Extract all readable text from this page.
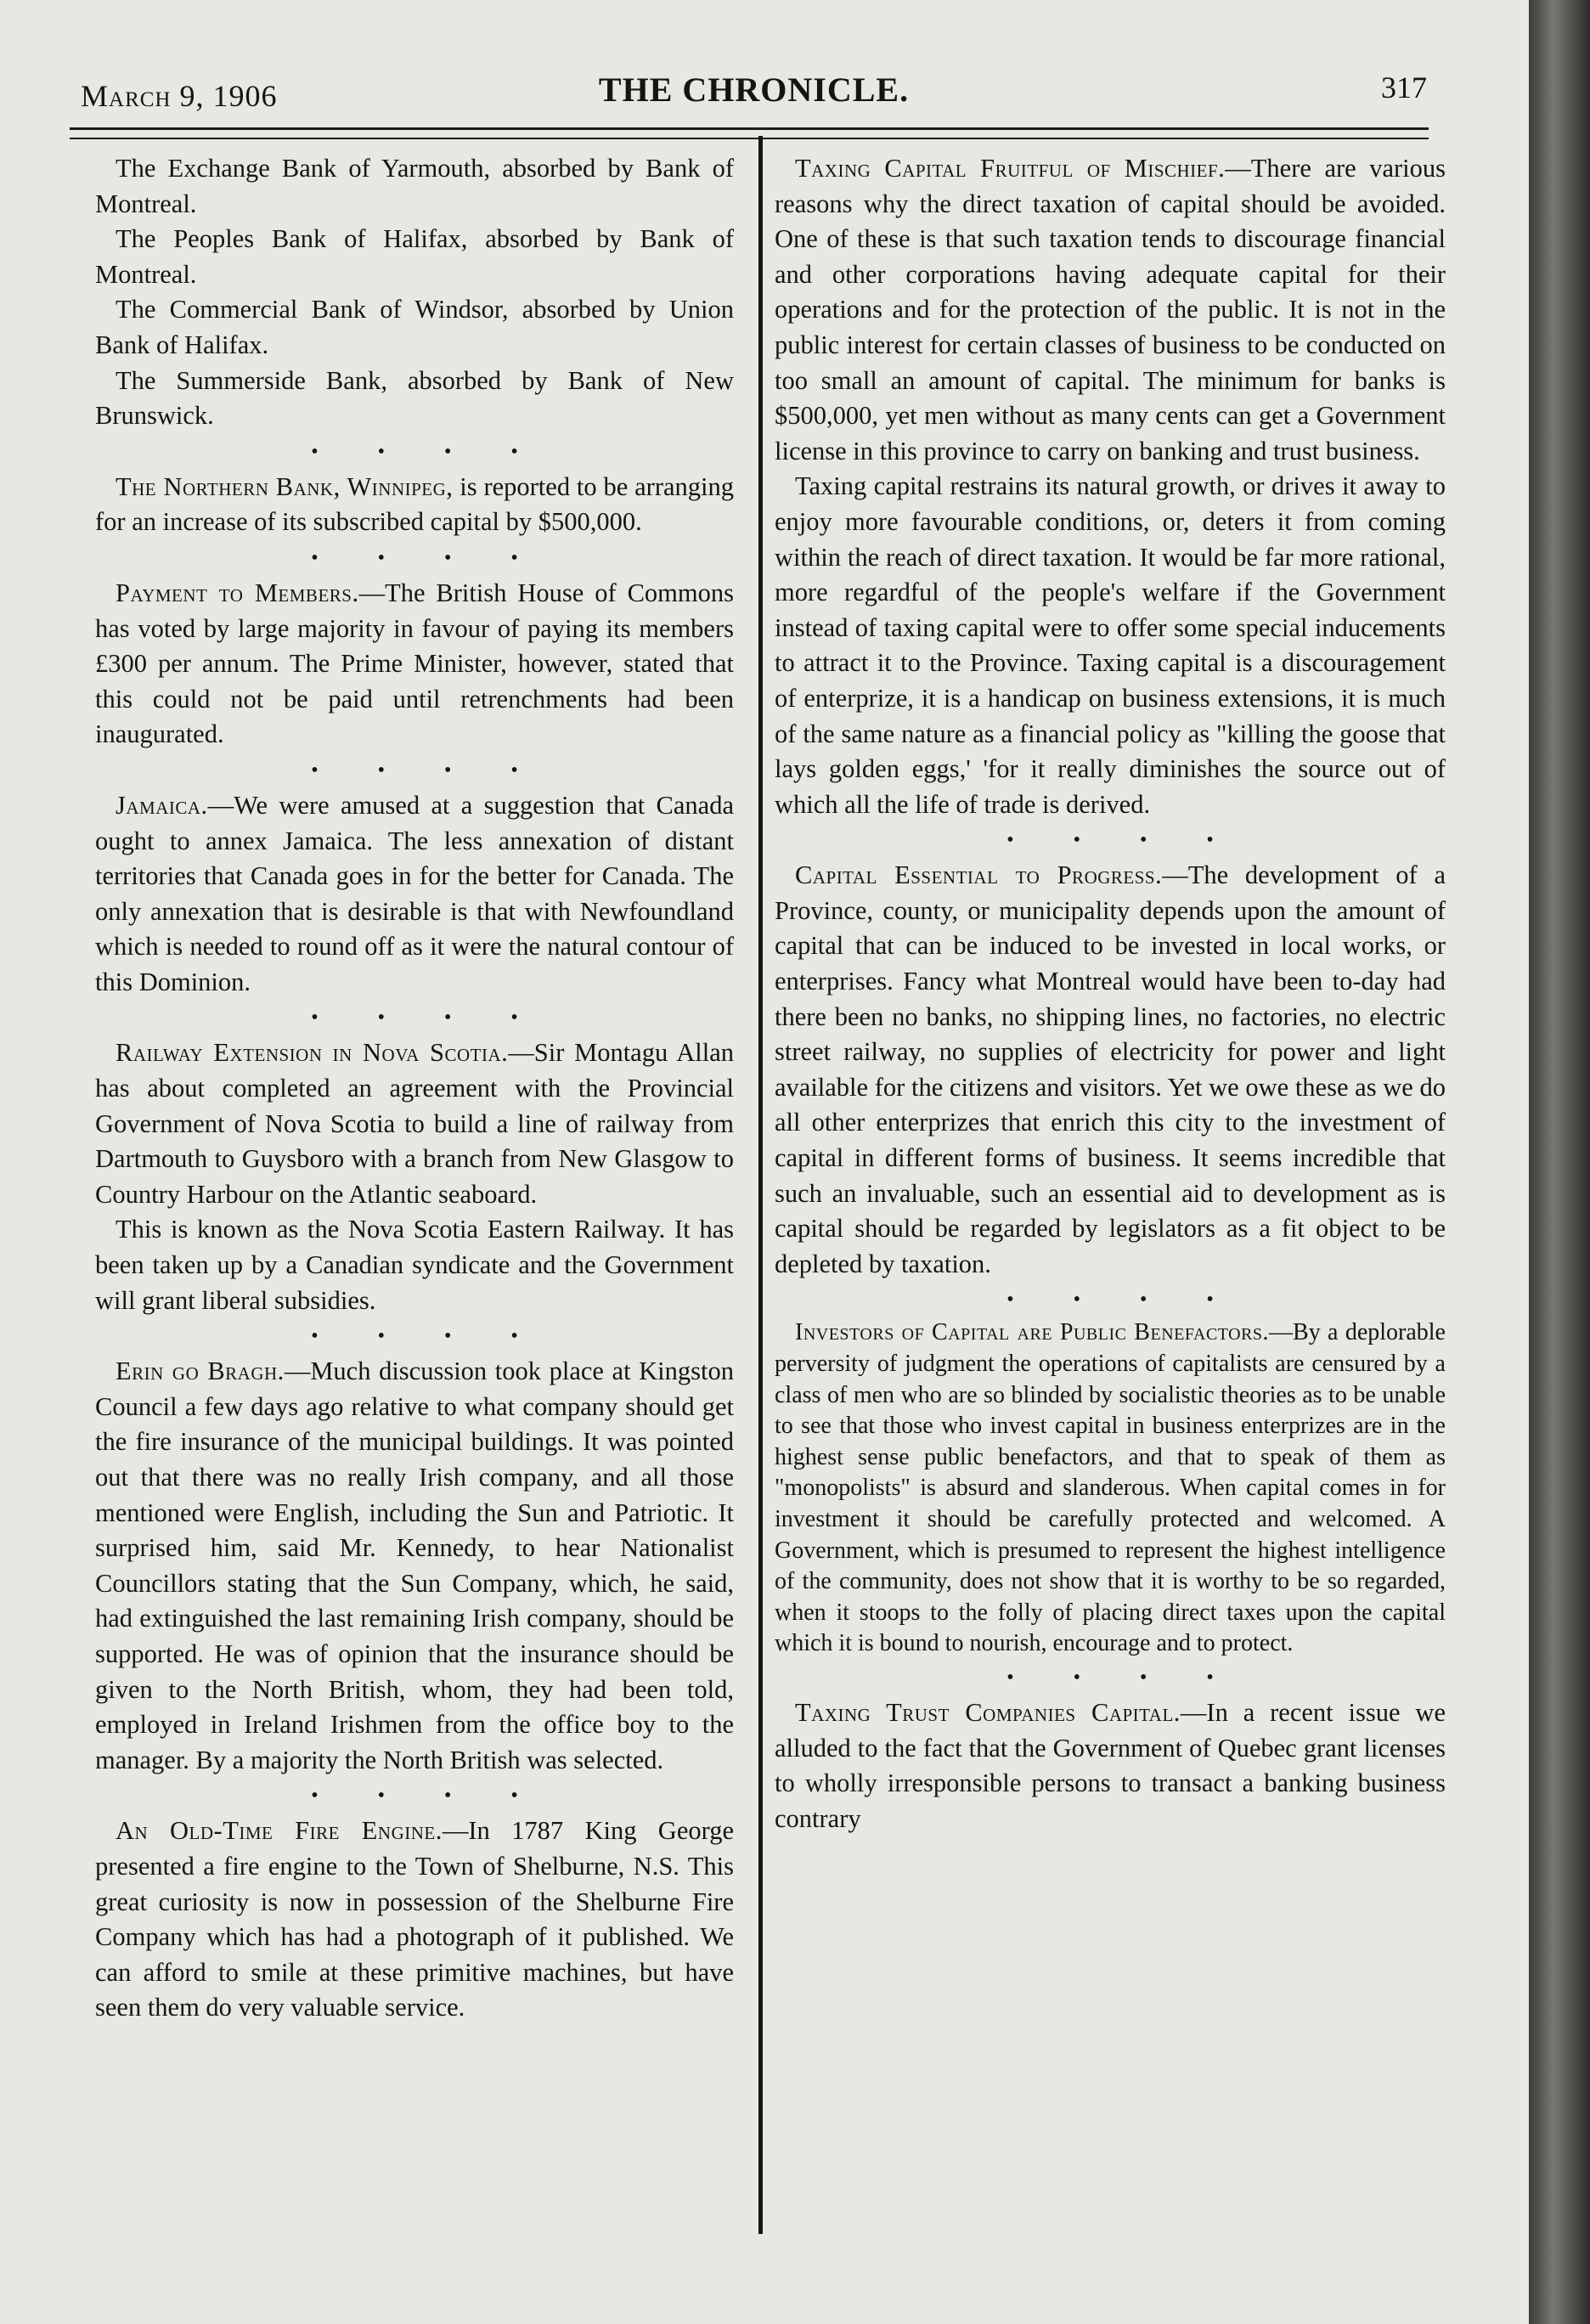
March 9, 1906	THE CHRONICLE.	317

The Exchange Bank of Yarmouth, absorbed by Bank of Montreal.

The Peoples Bank of Halifax, absorbed by Bank of Montreal.

The Commercial Bank of Windsor, absorbed by Union Bank of Halifax.

The Summerside Bank, absorbed by Bank of New Brunswick.

• • • •

The Northern Bank, Winnipeg, is reported to be arranging for an increase of its subscribed capital by $500,000.

• • • •

Payment to Members.—The British House of Commons has voted by large majority in favour of paying its members £300 per annum. The Prime Minister, however, stated that this could not be paid until retrenchments had been inaugurated.

• • • •

Jamaica.—We were amused at a suggestion that Canada ought to annex Jamaica. The less annexation of distant territories that Canada goes in for the better for Canada. The only annexation that is desirable is that with Newfoundland which is needed to round off as it were the natural contour of this Dominion.

• • • •

Railway Extension in Nova Scotia.—Sir Montagu Allan has about completed an agreement with the Provincial Government of Nova Scotia to build a line of railway from Dartmouth to Guysboro with a branch from New Glasgow to Country Harbour on the Atlantic seaboard.

This is known as the Nova Scotia Eastern Railway. It has been taken up by a Canadian syndicate and the Government will grant liberal subsidies.

• • • •

Erin go Bragh.—Much discussion took place at Kingston Council a few days ago relative to what company should get the fire insurance of the municipal buildings. It was pointed out that there was no really Irish company, and all those mentioned were English, including the Sun and Patriotic. It surprised him, said Mr. Kennedy, to hear Nationalist Councillors stating that the Sun Company, which, he said, had extinguished the last remaining Irish company, should be supported. He was of opinion that the insurance should be given to the North British, whom, they had been told, employed in Ireland Irishmen from the office boy to the manager. By a majority the North British was selected.

• • • •

An Old-Time Fire Engine.—In 1787 King George presented a fire engine to the Town of Shelburne, N.S. This great curiosity is now in possession of the Shelburne Fire Company which has had a photograph of it published. We can afford to smile at these primitive machines, but have seen them do very valuable service.

Taxing Capital Fruitful of Mischief.—There are various reasons why the direct taxation of capital should be avoided. One of these is that such taxation tends to discourage financial and other corporations having adequate capital for their operations and for the protection of the public. It is not in the public interest for certain classes of business to be conducted on too small an amount of capital. The minimum for banks is $500,000, yet men without as many cents can get a Government license in this province to carry on banking and trust business.

Taxing capital restrains its natural growth, or drives it away to enjoy more favourable conditions, or, deters it from coming within the reach of direct taxation. It would be far more rational, more regardful of the people's welfare if the Government instead of taxing capital were to offer some special inducements to attract it to the Province. Taxing capital is a discouragement of enterprize, it is a handicap on business extensions, it is much of the same nature as a financial policy as "killing the goose that lays golden eggs,' 'for it really diminishes the source out of which all the life of trade is derived.

• • • •

Capital Essential to Progress.—The development of a Province, county, or municipality depends upon the amount of capital that can be induced to be invested in local works, or enterprises. Fancy what Montreal would have been to-day had there been no banks, no shipping lines, no factories, no electric street railway, no supplies of electricity for power and light available for the citizens and visitors. Yet we owe these as we do all other enterprizes that enrich this city to the investment of capital in different forms of business. It seems incredible that such an invaluable, such an essential aid to development as is capital should be regarded by legislators as a fit object to be depleted by taxation.

• • • •

Investors of Capital are Public Benefactors.—By a deplorable perversity of judgment the operations of capitalists are censured by a class of men who are so blinded by socialistic theories as to be unable to see that those who invest capital in business enterprizes are in the highest sense public benefactors, and that to speak of them as "monopolists" is absurd and slanderous. When capital comes in for investment it should be carefully protected and welcomed. A Government, which is presumed to represent the highest intelligence of the community, does not show that it is worthy to be so regarded, when it stoops to the folly of placing direct taxes upon the capital which it is bound to nourish, encourage and to protect.

• • • •

Taxing Trust Companies Capital.—In a recent issue we alluded to the fact that the Government of Quebec grant licenses to wholly irresponsible persons to transact a banking business contrary
